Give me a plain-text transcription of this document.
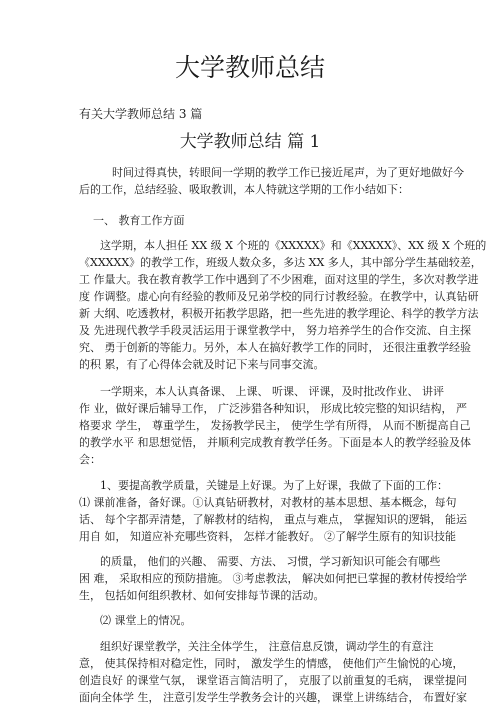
大学教师总结
有关大学教师总结 3 篇
大学教师总结 篇 1
时间过得真快，转眼间一学期的教学工作已接近尾声，为了更好地做好今
后的工作，总结经验、吸取教训，本人特就这学期的工作小结如下：
一、 教育工作方面
这学期，本人担任 XX 级 X 个班的《XXXXX》和《XXXXX》、XX 级 X 个班的
《XXXXX》的教学工作，班级人数众多，多达 XX 多人，其中部分学生基础较差，
工 作量大。我在教育教学工作中遇到了不少困难，面对这里的学生，多次对教学进
度 作调整。虚心向有经验的教师及兄弟学校的同行讨教经验。在教学中，认真钻研
新 大纲、吃透教材，积极开拓教学思路，把一些先进的教学理论、科学的教学方法
及 先进现代教学手段灵活运用于课堂教学中， 努力培养学生的合作交流、自主探
究、 勇于创新的等能力。另外，本人在搞好教学工作的同时， 还很注重教学经验
的积 累，有了心得体会就及时记下来与同事交流。
一学期来，本人认真备课、 上课、 听课、 评课，及时批改作业、 讲评
作 业，做好课后辅导工作， 广泛涉猎各种知识， 形成比较完整的知识结构， 严
格要求 学生， 尊重学生， 发扬教学民主， 使学生学有所得， 从而不断提高自己
的教学水平 和思想觉悟， 并顺利完成教育教学任务。下面是本人的教学经验及体
会：
1、要提高教学质量，关键是上好课。为了上好课，我做了下面的工作：
⑴ 课前准备，备好课。①认真钻研教材，对教材的基本思想、基本概念，每句
话、 每个字都弄清楚，了解教材的结构， 重点与难点， 掌握知识的逻辑， 能运
用自 如， 知道应补充哪些资料， 怎样才能教好。 ②了解学生原有的知识技能
的质量， 他们的兴趣、 需要、方法、 习惯，学习新知识可能会有哪些
困 难， 采取相应的预防措施。 ③考虑教法， 解决如何把已掌握的教材传授给学
生， 包括如何组织教材、如何安排每节课的活动。
⑵ 课堂上的情况。
组织好课堂教学，关注全体学生， 注意信息反馈，调动学生的有意注
意， 使其保持相对稳定性，同时， 激发学生的情感， 使他们产生愉悦的心境，
创造良好 的课堂气氛， 课堂语言简洁明了， 克服了以前重复的毛病， 课堂提问
面向全体学 生， 注意引发学生学教务会计的兴趣， 课堂上讲练结合， 布置好家
